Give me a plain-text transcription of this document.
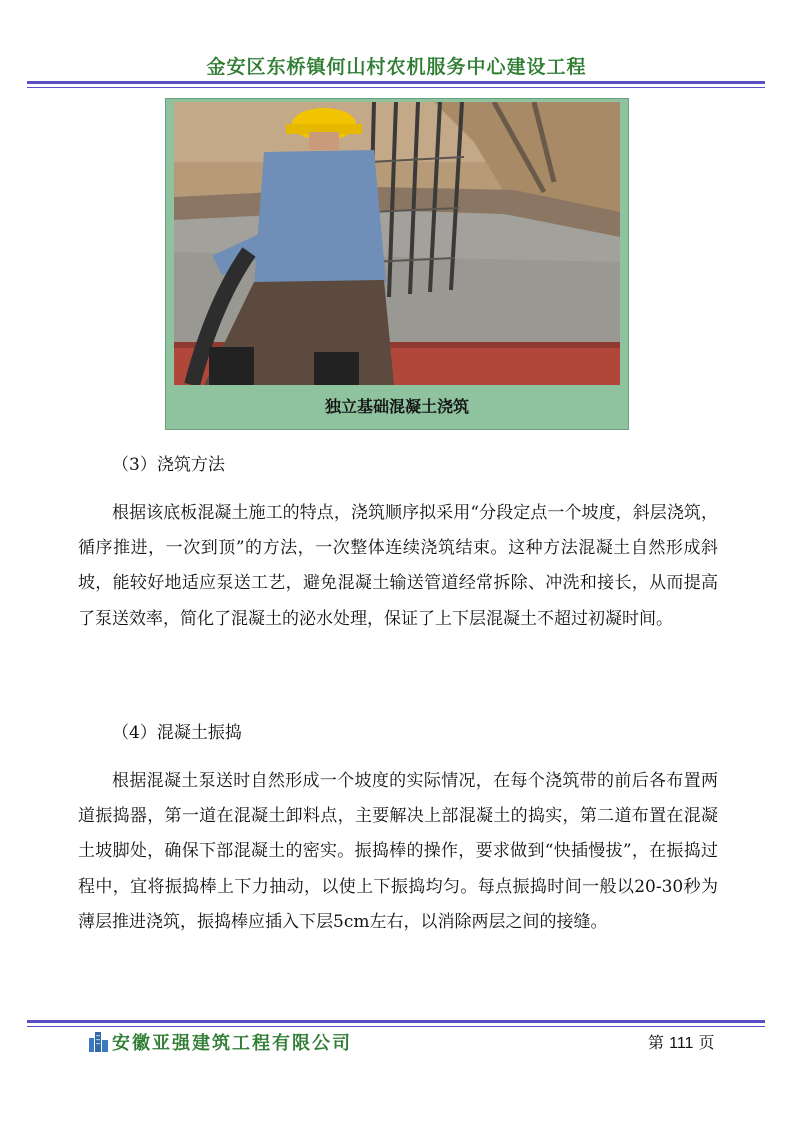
金安区东桥镇何山村农机服务中心建设工程
独立基础混凝土浇筑

（3）浇筑方法

根据该底板混凝土施工的特点，浇筑顺序拟采用“分段定点一个坡度，斜层浇筑，循序推进，一次到顶”的方法，一次整体连续浇筑结束。这种方法混凝土自然形成斜坡，能较好地适应泵送工艺，避免混凝土输送管道经常拆除、冲洗和接长，从而提高了泵送效率，简化了混凝土的泌水处理，保证了上下层混凝土不超过初凝时间。

（4）混凝土振捣

根据混凝土泵送时自然形成一个坡度的实际情况，在每个浇筑带的前后各布置两道振捣器，第一道在混凝土卸料点，主要解决上部混凝土的捣实，第二道布置在混凝土坡脚处，确保下部混凝土的密实。振捣棒的操作，要求做到“快插慢拔”，在振捣过程中，宜将振捣棒上下力抽动，以使上下振捣均匀。每点振捣时间一般以20-30秒为薄层推进浇筑，振捣棒应插入下层5cm左右，以消除两层之间的接缝。

安徽亚强建筑工程有限公司	第 111 页
